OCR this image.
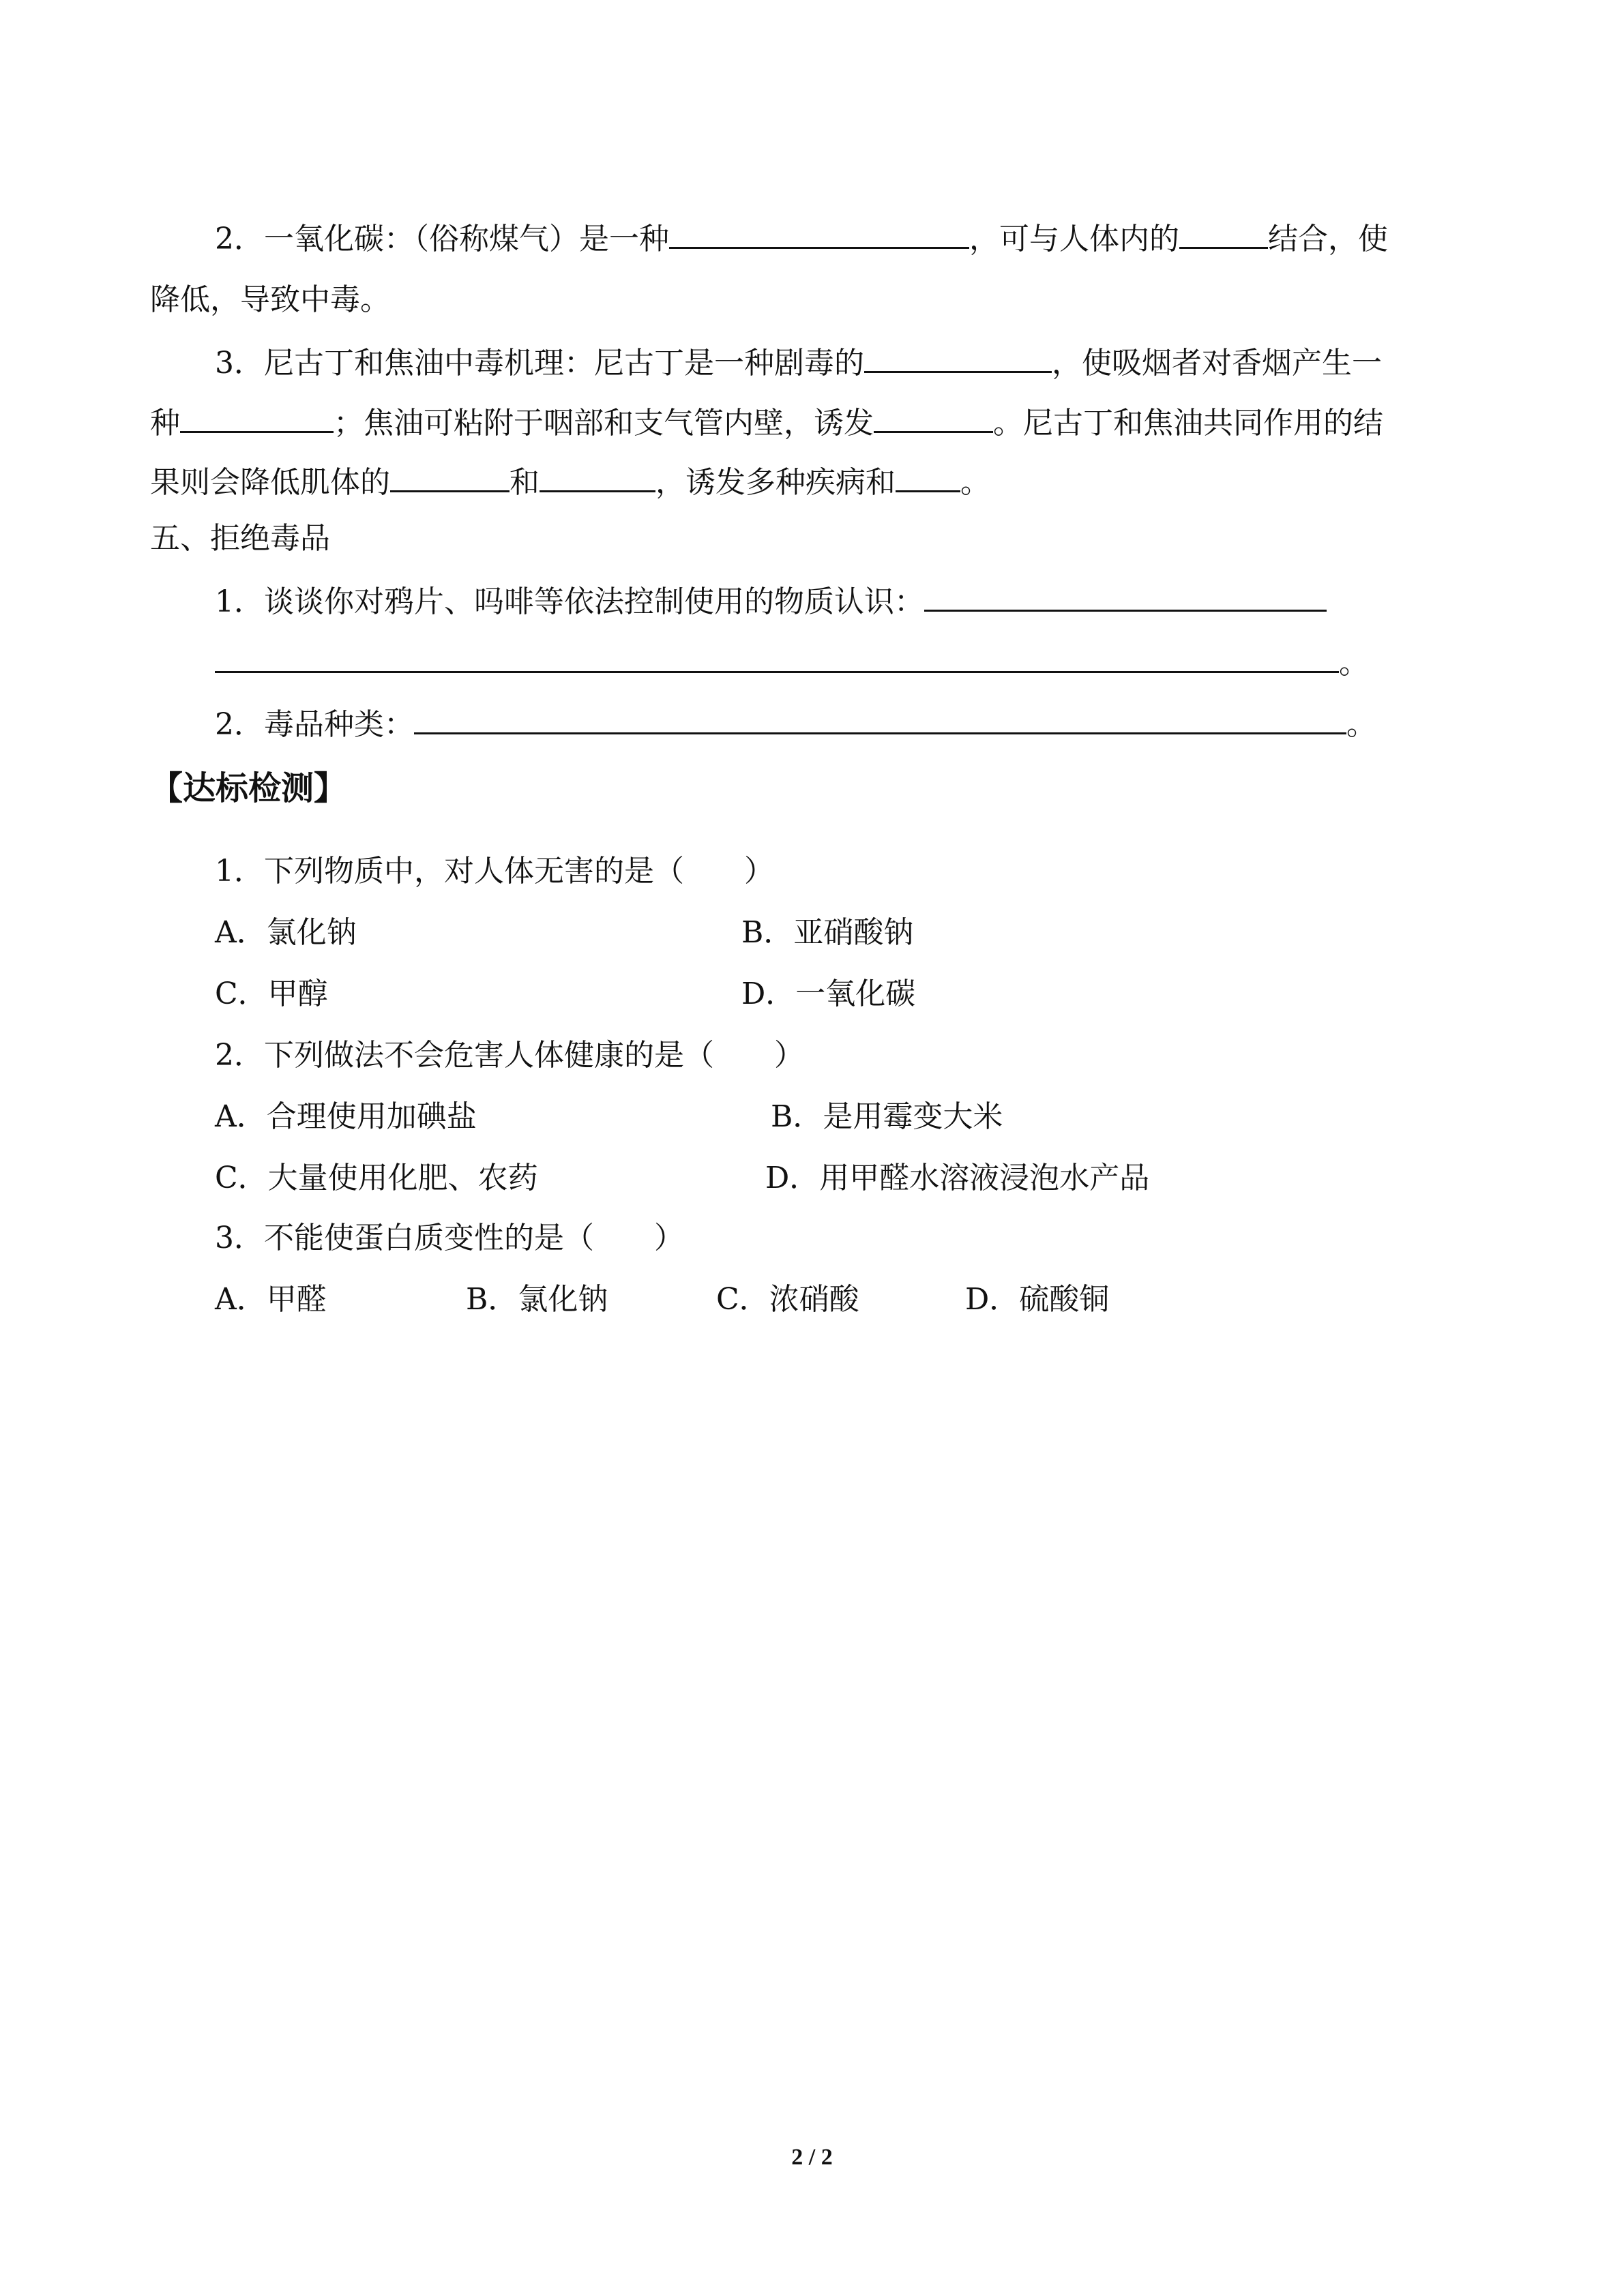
2．一氧化碳：（俗称煤气）是一种	，可与人体内的	结合，使
降低，导致中毒。
3．尼古丁和焦油中毒机理：尼古丁是一种剧毒的	，使吸烟者对香烟产生一
种	；焦油可粘附于咽部和支气管内壁，诱发	。尼古丁和焦油共同作用的结
果则会降低肌体的	和	，诱发多种疾病和 。
五、拒绝毒品
1．谈谈你对鸦片、吗啡等依法控制使用的物质认识：
。
2．毒品种类：	。
【达标检测】
1．下列物质中，对人体无害的是（　　）
A．氯化钠	B．亚硝酸钠
C．甲醇	D．一氧化碳
2．下列做法不会危害人体健康的是（　　）
A．合理使用加碘盐	B．是用霉变大米
C．大量使用化肥、农药	D．用甲醛水溶液浸泡水产品
3．不能使蛋白质变性的是（　　）
A．甲醛	B．氯化钠	C．浓硝酸	D．硫酸铜
2 / 2
